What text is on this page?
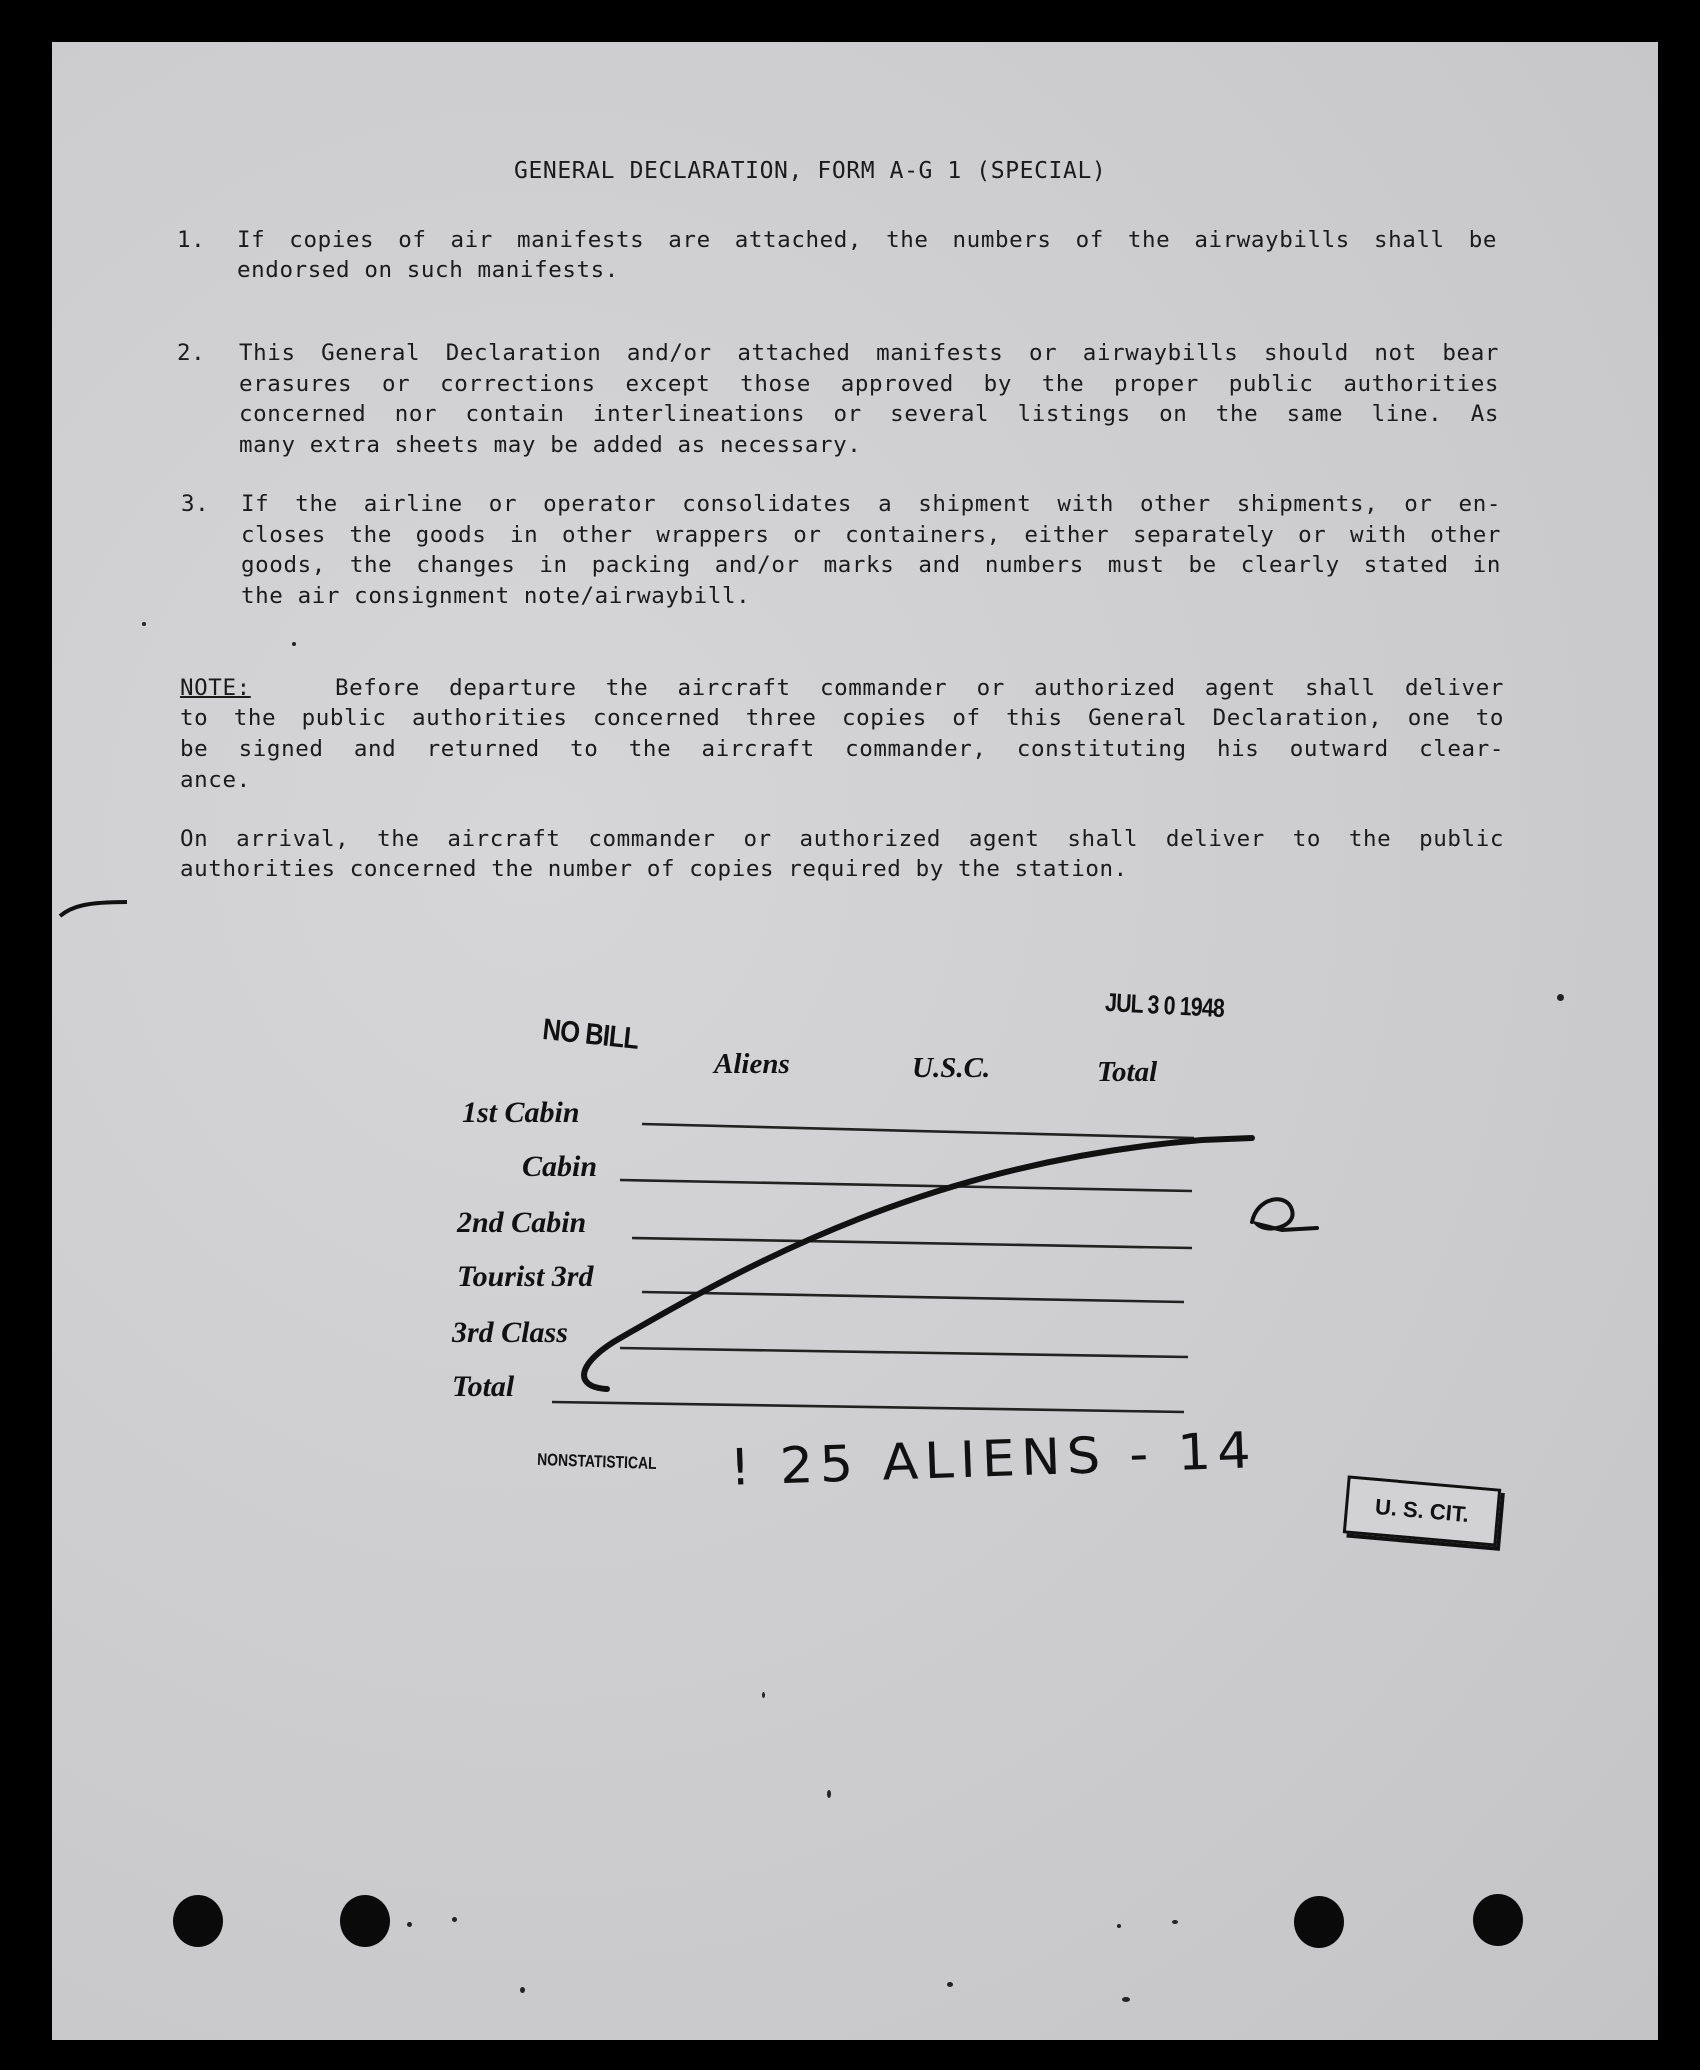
GENERAL DECLARATION, FORM A-G 1 (SPECIAL)
1. If copies of air manifests are attached, the numbers of the airwaybills shall be
endorsed on such manifests.
2. This General Declaration and/or attached manifests or airwaybills should not bear
erasures or corrections except those approved by the proper public authorities
concerned nor contain interlineations or several listings on the same line. As
many extra sheets may be added as necessary.
3. If the airline or operator consolidates a shipment with other shipments, or en-
closes the goods in other wrappers or containers, either separately or with other
goods, the changes in packing and/or marks and numbers must be clearly stated in
the air consignment note/airwaybill.
NOTE:	Before departure the aircraft commander or authorized agent shall deliver
to the public authorities concerned three copies of this General Declaration, one to
be signed and returned to the aircraft commander, constituting his outward clear-
ance.
On arrival, the aircraft commander or authorized agent shall deliver to the public
authorities concerned the number of copies required by the station.
NO BILL
JUL 3 0 1948
Aliens	U.S.C.	Total
1st Cabin
Cabin
2nd Cabin
Tourist 3rd
3rd Class
Total
NONSTATISTICAL ! 25 ALIENS - 14
U. S. CIT.
